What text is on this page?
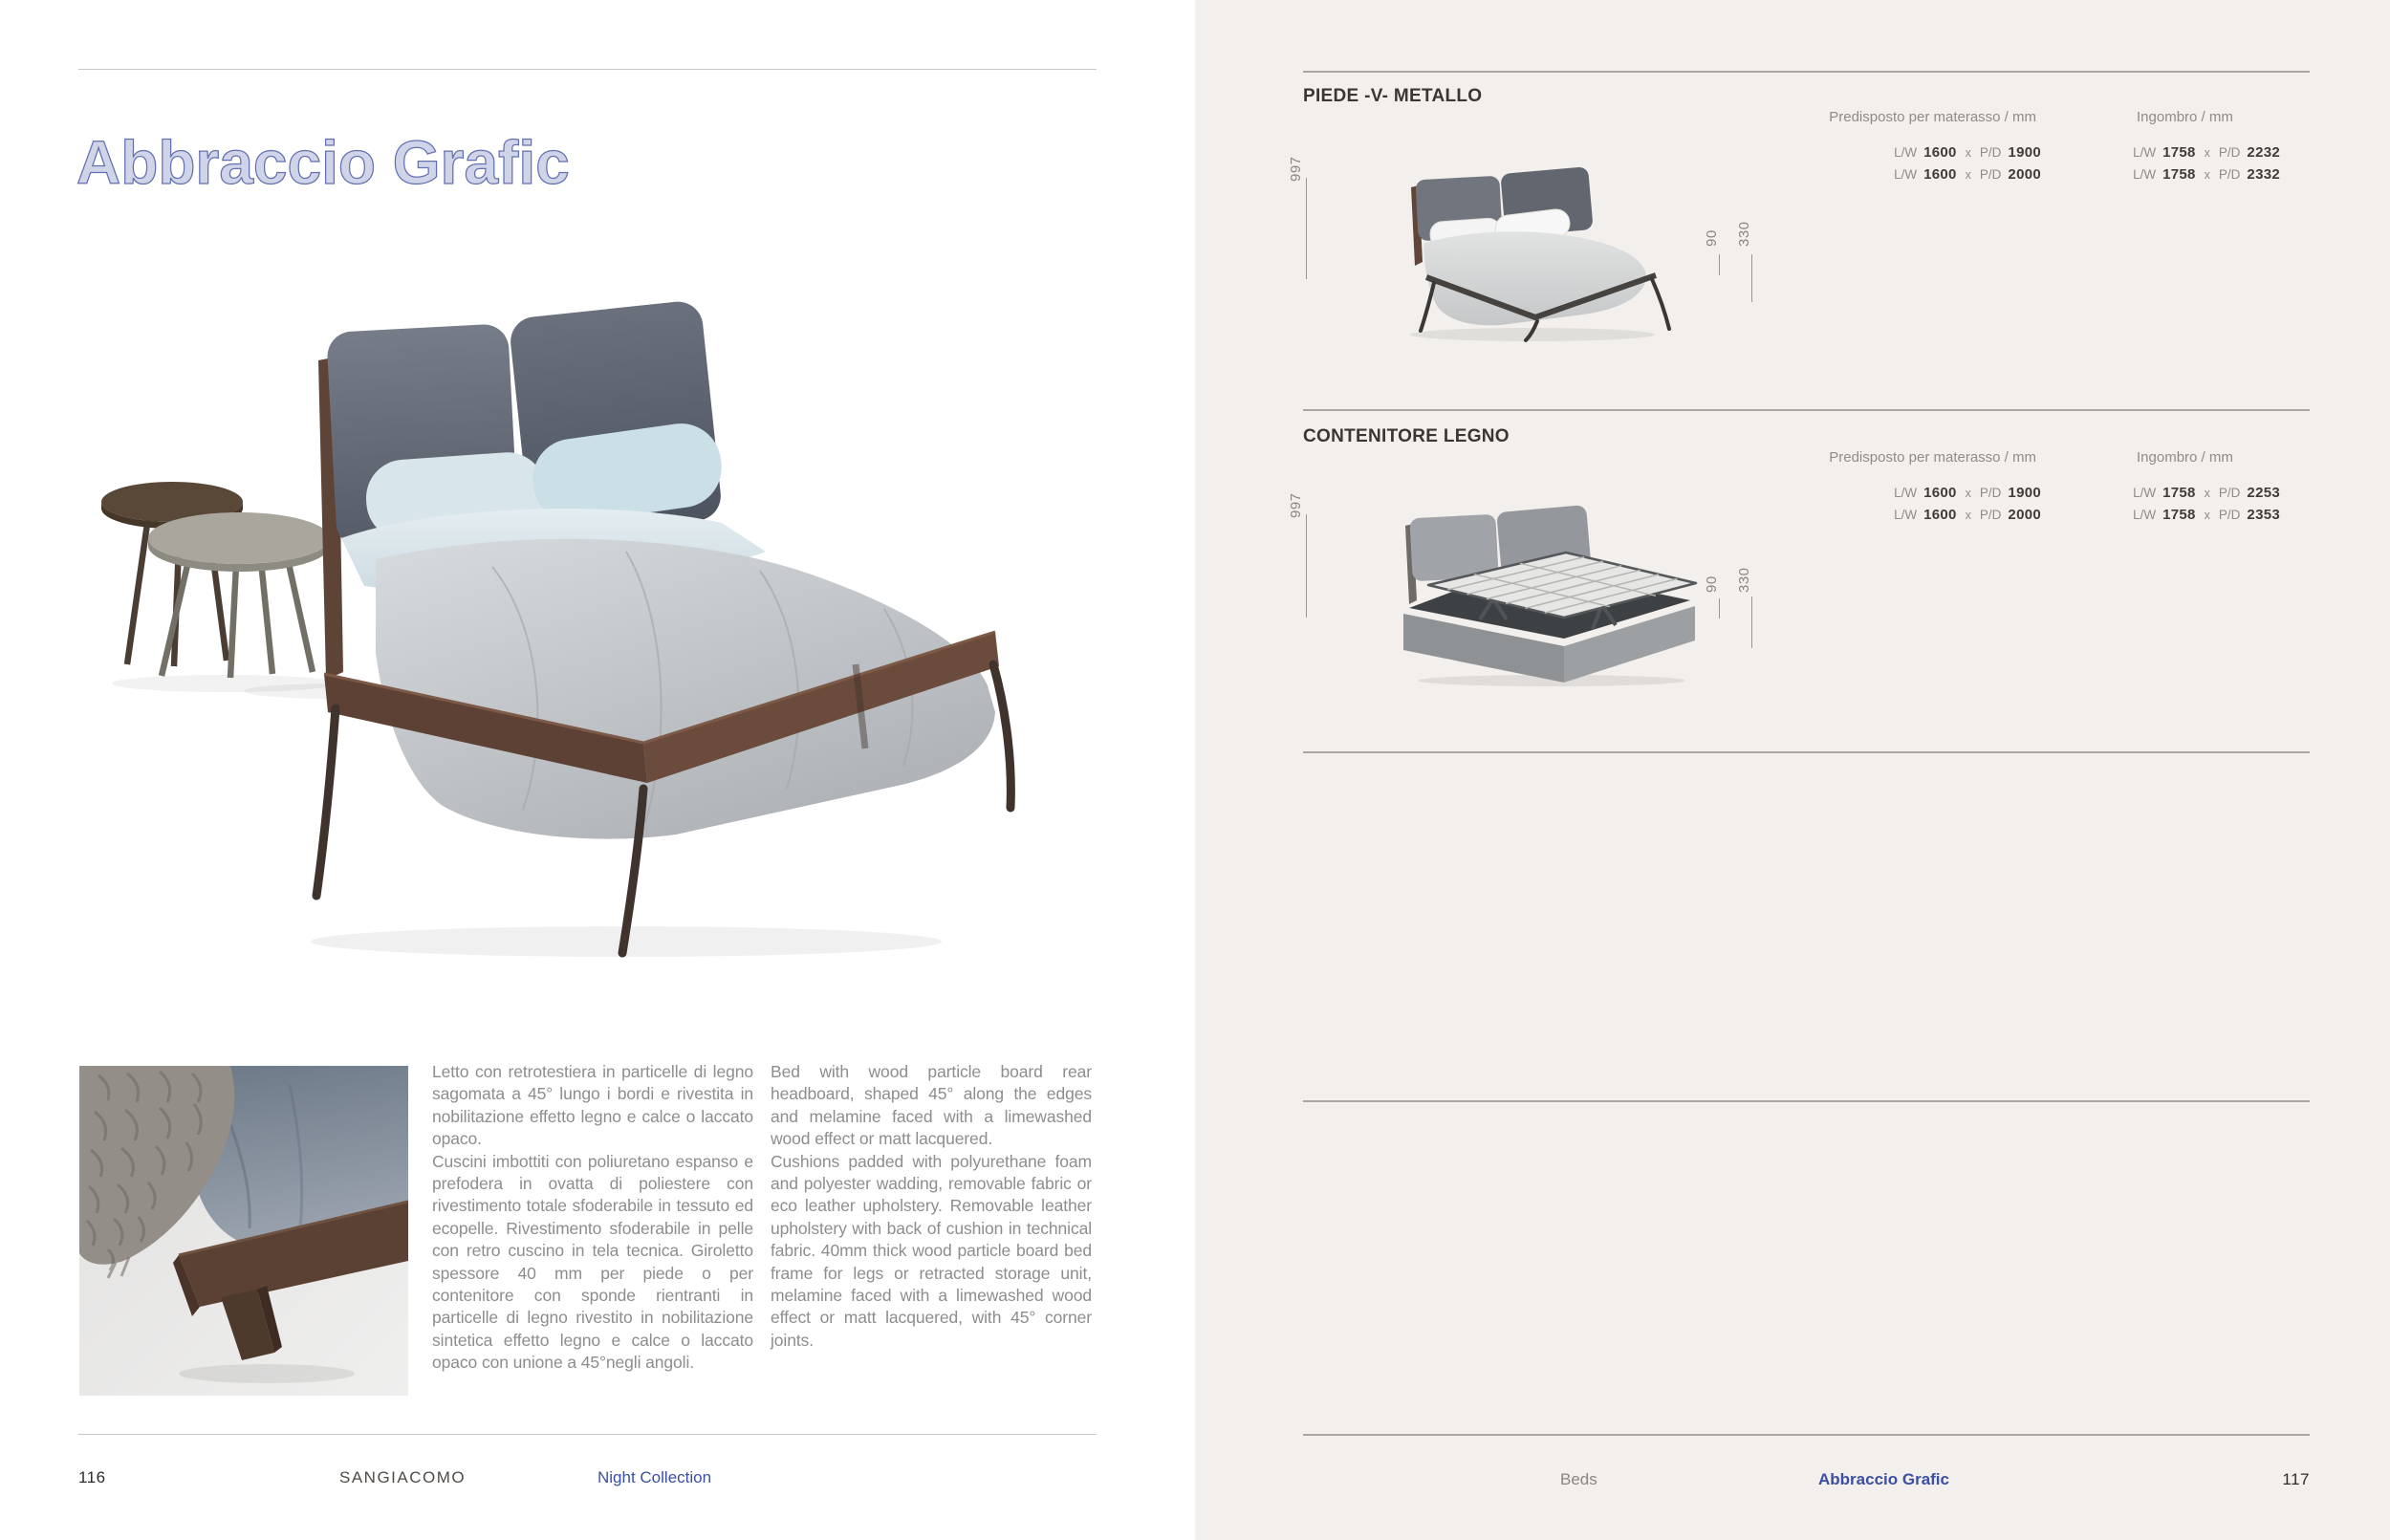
Abbraccio Grafic

Letto con retrotestiera in particelle di legno sagomata a 45° lungo i bordi e rivestita in nobilitazione effetto legno e calce o laccato opaco.

Cuscini imbottiti con poliuretano espanso e prefodera in ovatta di poliestere con rivestimento totale sfoderabile in tessuto ed ecopelle. Rivestimento sfoderabile in pelle con retro cuscino in tela tecnica. Giroletto spessore 40 mm per piede o per contenitore con sponde rientranti in particelle di legno rivestito in nobilitazione sintetica effetto legno e calce o laccato opaco con unione a 45°negli angoli.

Bed with wood particle board rear headboard, shaped 45° along the edges and melamine faced with a limewashed wood effect or matt lacquered.

Cushions padded with polyurethane foam and polyester wadding, removable fabric or eco leather upholstery. Removable leather upholstery with back of cushion in technical fabric. 40mm thick wood particle board bed frame for legs or retracted storage unit, melamine faced with a limewashed wood effect or matt lacquered, with 45° corner joints.

116	SANGIACOMO	Night Collection
PIEDE -V- METALLO
Predisposto per materasso / mm	Ingombro / mm
L/W 1600 x P/D 1900	L/W 1758 x P/D 2232
L/W 1600 x P/D 2000	L/W 1758 x P/D 2332
997
90 330
CONTENITORE LEGNO
Predisposto per materasso / mm	Ingombro / mm
L/W 1600 x P/D 1900	L/W 1758 x P/D 2253
L/W 1600 x P/D 2000	L/W 1758 x P/D 2353
997
90 330
Beds	Abbraccio Grafic	117
